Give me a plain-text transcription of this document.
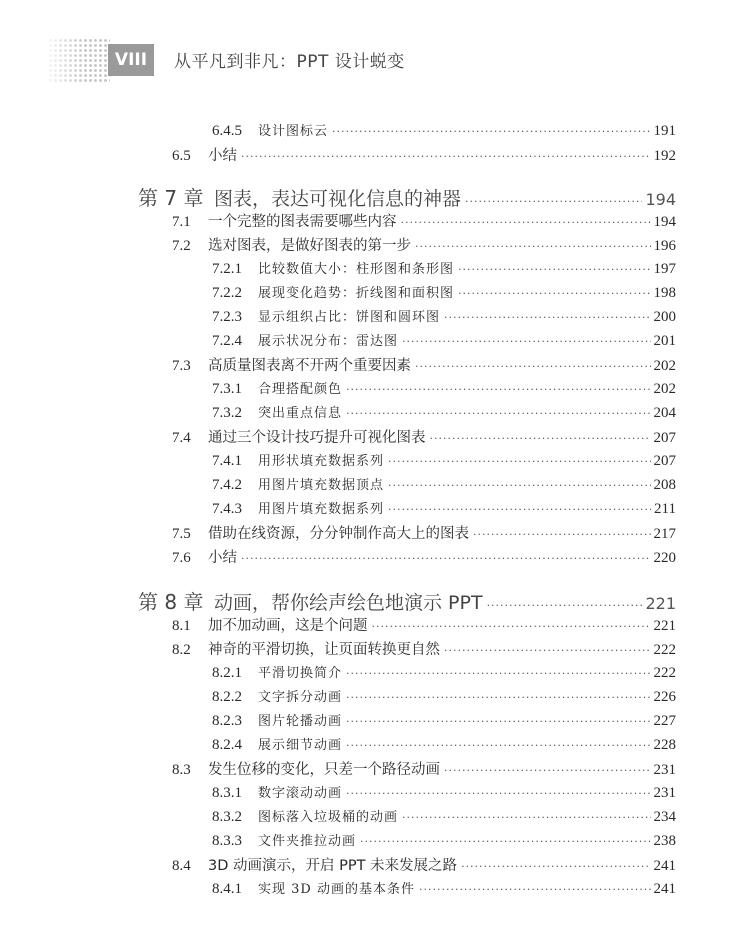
VIII	从平凡到非凡：PPT 设计蜕变
6.4.5	设计图标云 ·····	191
6.5	小结 ·····	192
第 7 章 图表，表达可视化信息的神器 ·····	194
7.1	一个完整的图表需要哪些内容 ·····	194
7.2	选对图表，是做好图表的第一步 ·····	196
7.2.1	比较数值大小：柱形图和条形图 ·····	197
7.2.2	展现变化趋势：折线图和面积图 ·····	198
7.2.3	显示组织占比：饼图和圆环图 ·····	200
7.2.4	展示状况分布：雷达图 ·····	201
7.3	高质量图表离不开两个重要因素 ·····	202
7.3.1	合理搭配颜色 ·····	202
7.3.2	突出重点信息 ·····	204
7.4	通过三个设计技巧提升可视化图表 ·····	207
7.4.1	用形状填充数据系列 ·····	207
7.4.2	用图片填充数据顶点 ·····	208
7.4.3	用图片填充数据系列 ·····	211
7.5	借助在线资源，分分钟制作高大上的图表 ·····	217
7.6	小结 ·····	220
第 8 章 动画，帮你绘声绘色地演示 PPT ·····	221
8.1	加不加动画，这是个问题 ·····	221
8.2	神奇的平滑切换，让页面转换更自然 ·····	222
8.2.1	平滑切换简介 ·····	222
8.2.2	文字拆分动画 ·····	226
8.2.3	图片轮播动画 ·····	227
8.2.4	展示细节动画 ·····	228
8.3	发生位移的变化，只差一个路径动画 ·····	231
8.3.1	数字滚动动画 ·····	231
8.3.2	图标落入垃圾桶的动画 ·····	234
8.3.3	文件夹推拉动画 ·····	238
8.4	3D 动画演示，开启 PPT 未来发展之路 ·····	241
8.4.1	实现 3D 动画的基本条件 ·····	241
